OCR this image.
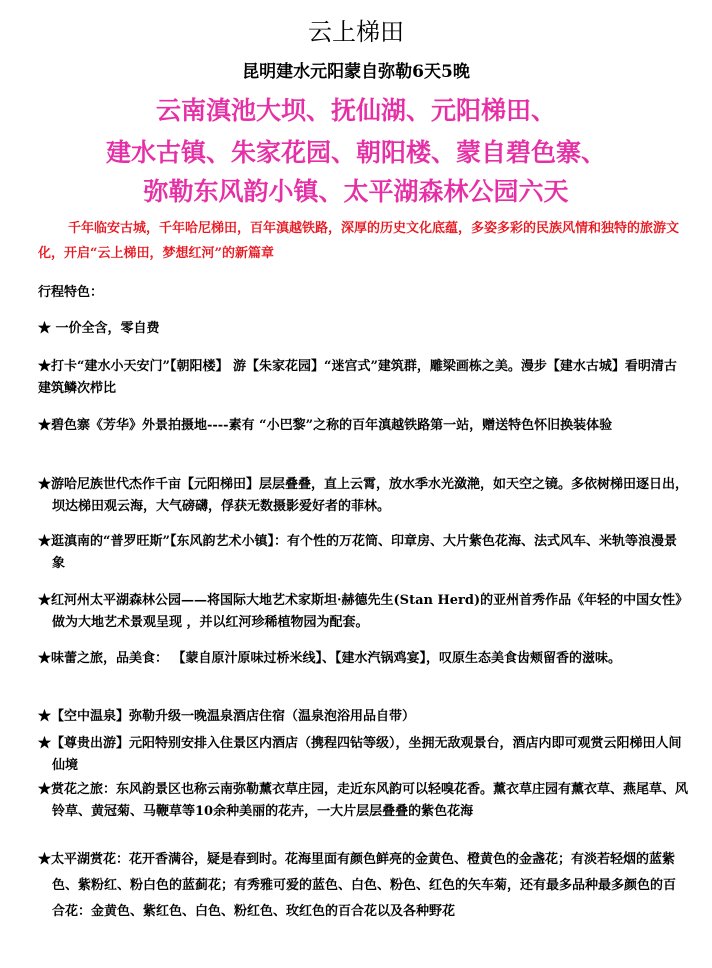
云上梯田
昆明建水元阳蒙自弥勒6天5晚
云南滇池大坝、抚仙湖、元阳梯田、
建水古镇、朱家花园、朝阳楼、蒙自碧色寨、
弥勒东风韵小镇、太平湖森林公园六天
千年临安古城，千年哈尼梯田，百年滇越铁路，深厚的历史文化底蕴，多姿多彩的民族风情和独特的旅游文化，开启“云上梯田，梦想红河”的新篇章
行程特色：
★ 一价全含，零自费
★打卡“建水小天安门”【朝阳楼】 游【朱家花园】“迷宫式”建筑群，雕梁画栋之美。漫步【建水古城】看明清古建筑鳞次栉比
★碧色寨《芳华》外景拍摄地----素有 “小巴黎”之称的百年滇越铁路第一站，赠送特色怀旧换装体验
★游哈尼族世代杰作千亩【元阳梯田】层层叠叠，直上云霄，放水季水光潋滟，如天空之镜。多依树梯田逐日出，坝达梯田观云海，大气磅礴，俘获无数摄影爱好者的菲林。
★逛滇南的“普罗旺斯”【东风韵艺术小镇】：有个性的万花筒、印章房、大片紫色花海、法式风车、米轨等浪漫景象
★红河州太平湖森林公园——将国际大地艺术家斯坦·赫德先生(Stan Herd)的亚州首秀作品《年轻的中国女性》做为大地艺术景观呈现 ，并以红河珍稀植物园为配套。
★味蕾之旅，品美食： 【蒙自原汁原味过桥米线】、【建水汽锅鸡宴】，叹原生态美食齿颊留香的滋味。
★【空中温泉】弥勒升级一晚温泉酒店住宿（温泉泡浴用品自带）
★【尊贵出游】元阳特别安排入住景区内酒店（携程四钻等级），坐拥无敌观景台，酒店内即可观赏云阳梯田人间仙境
★赏花之旅：东风韵景区也称云南弥勒薰衣草庄园，走近东风韵可以轻嗅花香。薰衣草庄园有薰衣草、燕尾草、风铃草、黄冠菊、马鞭草等10余种美丽的花卉，一大片层层叠叠的紫色花海
★太平湖赏花：花开香满谷，疑是春到时。花海里面有颜色鲜亮的金黄色、橙黄色的金盏花；有淡若轻烟的蓝紫色、紫粉红、粉白色的蓝蓟花；有秀雅可爱的蓝色、白色、粉色、红色的矢车菊，还有最多品种最多颜色的百合花：金黄色、紫红色、白色、粉红色、玫红色的百合花以及各种野花
